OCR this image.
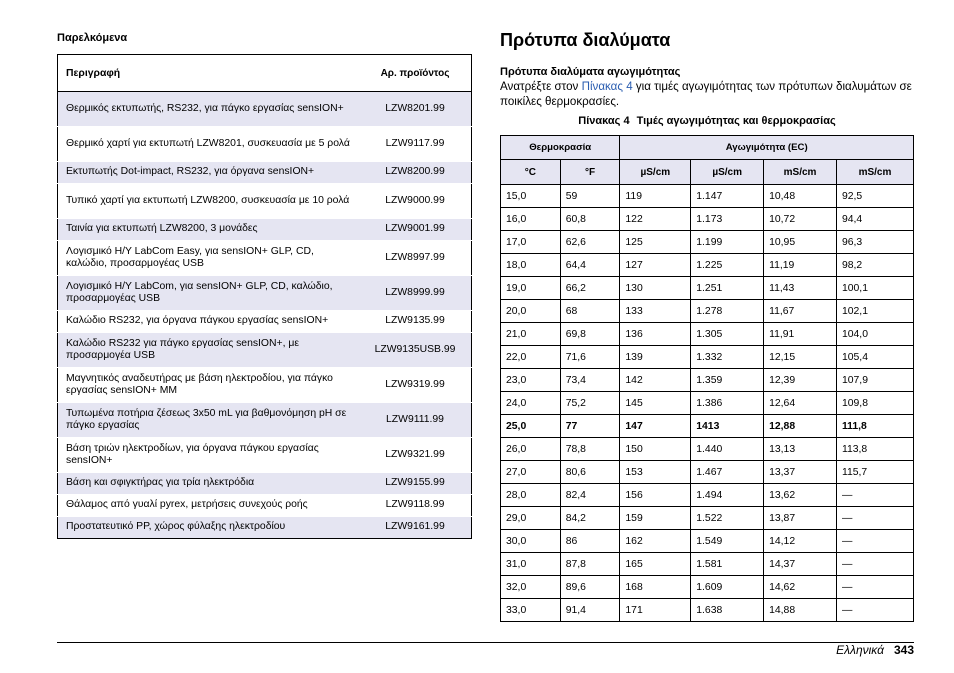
Παρελκόμενα

Περιγραφή	Αρ. προϊόντος
Θερμικός εκτυπωτής, RS232, για πάγκο εργασίας sensION+	LZW8201.99
Θερμικό χαρτί για εκτυπωτή LZW8201, συσκευασία με 5 ρολά	LZW9117.99
Εκτυπωτής Dot-impact, RS232, για όργανα sensION+	LZW8200.99
Τυπικό χαρτί για εκτυπωτή LZW8200, συσκευασία με 10 ρολά	LZW9000.99
Ταινία για εκτυπωτή LZW8200, 3 μονάδες	LZW9001.99
Λογισμικό H/Y LabCom Easy, για sensION+ GLP, CD, καλώδιο, προσαρμογέας USB	LZW8997.99
Λογισμικό H/Y LabCom, για sensION+ GLP, CD, καλώδιο, προσαρμογέας USB	LZW8999.99
Καλώδιο RS232, για όργανα πάγκου εργασίας sensION+	LZW9135.99
Καλώδιο RS232 για πάγκο εργασίας sensION+, με προσαρμογέα USB	LZW9135USB.99
Μαγνητικός αναδευτήρας με βάση ηλεκτροδίου, για πάγκο εργασίας sensION+ MM	LZW9319.99
Τυπωμένα ποτήρια ζέσεως 3x50 mL για βαθμονόμηση pH σε πάγκο εργασίας	LZW9111.99
Βάση τριών ηλεκτροδίων, για όργανα πάγκου εργασίας sensION+	LZW9321.99
Βάση και σφιγκτήρας για τρία ηλεκτρόδια	LZW9155.99
Θάλαμος από γυαλί pyrex, μετρήσεις συνεχούς ροής	LZW9118.99
Προστατευτικό PP, χώρος φύλαξης ηλεκτροδίου	LZW9161.99
Πρότυπα διαλύματα

Πρότυπα διαλύματα αγωγιμότητας

Ανατρέξτε στον Πίνακας 4 για τιμές αγωγιμότητας των πρότυπων διαλυμάτων σε ποικίλες θερμοκρασίες.

Πίνακας 4 Τιμές αγωγιμότητας και θερμοκρασίας

Θερμοκρασία		Αγωγιμότητα (EC)			
°C	°F	µS/cm	µS/cm	mS/cm	mS/cm
15,0	59	119	1.147	10,48	92,5
16,0	60,8	122	1.173	10,72	94,4
17,0	62,6	125	1.199	10,95	96,3
18,0	64,4	127	1.225	11,19	98,2
19,0	66,2	130	1.251	11,43	100,1
20,0	68	133	1.278	11,67	102,1
21,0	69,8	136	1.305	11,91	104,0
22,0	71,6	139	1.332	12,15	105,4
23,0	73,4	142	1.359	12,39	107,9
24,0	75,2	145	1.386	12,64	109,8
25,0	77	147	1413	12,88	111,8
26,0	78,8	150	1.440	13,13	113,8
27,0	80,6	153	1.467	13,37	115,7
28,0	82,4	156	1.494	13,62	—
29,0	84,2	159	1.522	13,87	—
30,0	86	162	1.549	14,12	—
31,0	87,8	165	1.581	14,37	—
32,0	89,6	168	1.609	14,62	—
33,0	91,4	171	1.638	14,88	—
Ελληνικά 343
